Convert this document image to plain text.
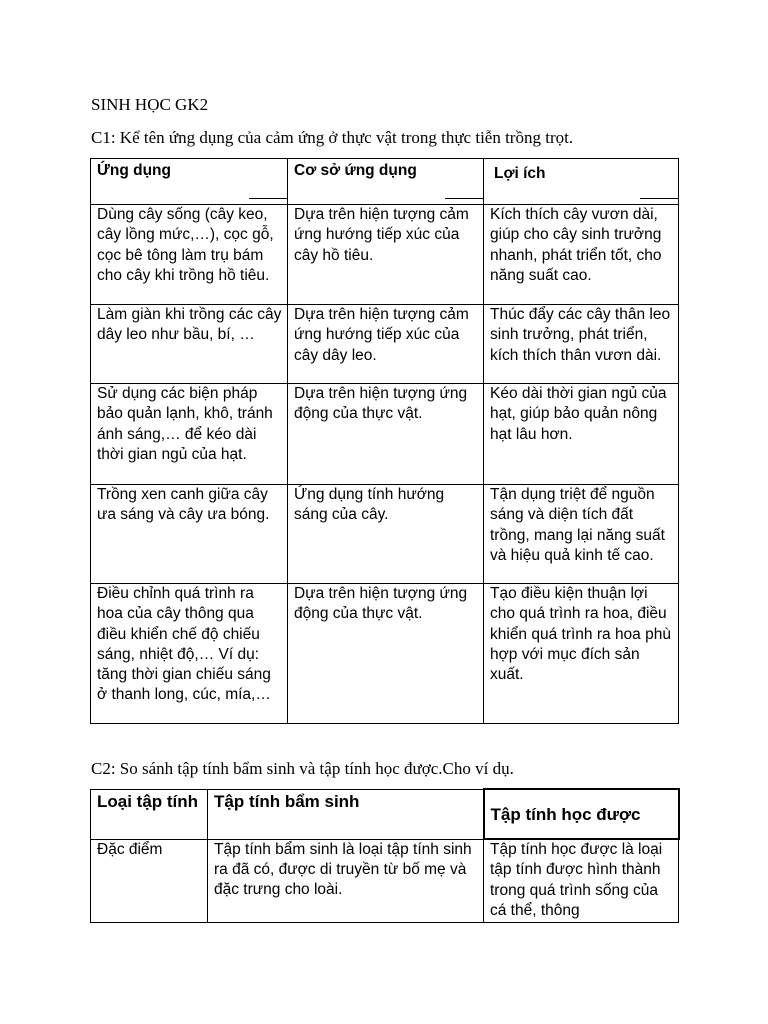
SINH HỌC GK2
C1: Kể tên ứng dụng của cảm ứng ở thực vật trong thực tiễn trồng trọt.
Ứng dụng	Cơ sở ứng dụng	Lợi ích

Dùng cây sống (cây keo, cây lồng mức,…), cọc gỗ, cọc bê tông làm trụ bám cho cây khi trồng hồ tiêu.	Dựa trên hiện tượng cảm ứng hướng tiếp xúc của cây hồ tiêu.	Kích thích cây vươn dài, giúp cho cây sinh trưởng nhanh, phát triển tốt, cho năng suất cao.
Làm giàn khi trồng các cây dây leo như bầu, bí, …	Dựa trên hiện tượng cảm ứng hướng tiếp xúc của cây dây leo.	Thúc đẩy các cây thân leo sinh trưởng, phát triển, kích thích thân vươn dài.
Sử dụng các biện pháp bảo quản lạnh, khô, tránh ánh sáng,… để kéo dài thời gian ngủ của hạt.	Dựa trên hiện tượng ứng động của thực vật.	Kéo dài thời gian ngủ của hạt, giúp bảo quản nông hạt lâu hơn.
Trồng xen canh giữa cây ưa sáng và cây ưa bóng.	Ứng dụng tính hướng sáng của cây.	Tận dụng triệt để nguồn sáng và diện tích đất trồng, mang lại năng suất và hiệu quả kinh tế cao.
Điều chỉnh quá trình ra hoa của cây thông qua điều khiển chế độ chiếu sáng, nhiệt độ,… Ví dụ: tăng thời gian chiếu sáng ở thanh long, cúc, mía,…	Dựa trên hiện tượng ứng động của thực vật.	Tạo điều kiện thuận lợi cho quá trình ra hoa, điều khiển quá trình ra hoa phù hợp với mục đích sản xuất.
C2: So sánh tập tính bẩm sinh và tập tính học được.Cho ví dụ.
Loại tập tính	Tập tính bẩm sinh	Tập tính học được

Đặc điểm	Tập tính bẩm sinh là loại tập tính sinh ra đã có, được di truyền từ bố mẹ và đặc trưng cho loài.	Tập tính học được là loại tập tính được hình thành trong quá trình sống của cá thể, thông
